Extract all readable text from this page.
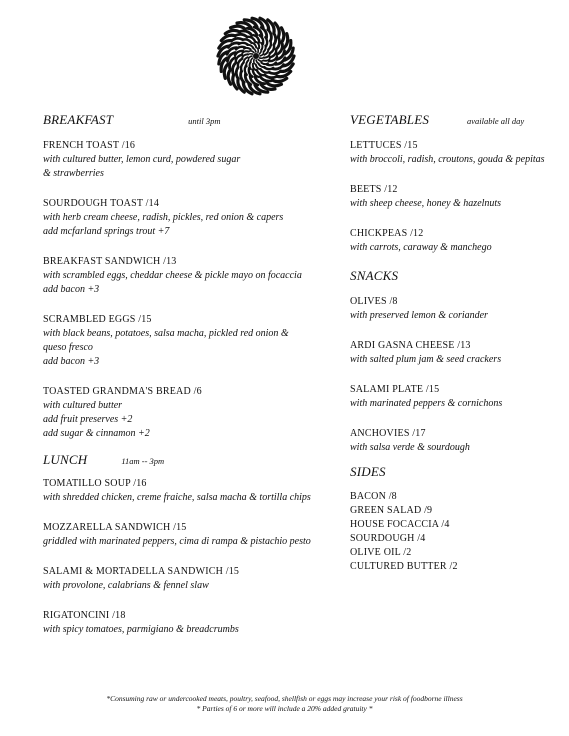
BREAKFAST	until 3pm
FRENCH TOAST /16
with cultured butter, lemon curd, powdered sugar
& strawberries
SOURDOUGH TOAST /14
with herb cream cheese, radish, pickles, red onion & capers
add mcfarland springs trout +7
BREAKFAST SANDWICH /13
with scrambled eggs, cheddar cheese & pickle mayo on focaccia
add bacon +3
SCRAMBLED EGGS /15
with black beans, potatoes, salsa macha, pickled red onion &
queso fresco
add bacon +3
TOASTED GRANDMA'S BREAD /6
with cultured butter
add fruit preserves +2
add sugar & cinnamon +2
LUNCH	11am -- 3pm
TOMATILLO SOUP /16
with shredded chicken, creme fraiche, salsa macha & tortilla chips
MOZZARELLA SANDWICH /15
griddled with marinated peppers, cima di rampa & pistachio pesto
SALAMI & MORTADELLA SANDWICH /15
with provolone, calabrians & fennel slaw
RIGATONCINI /18
with spicy tomatoes, parmigiano & breadcrumbs
VEGETABLES	available all day
LETTUCES /15
with broccoli, radish, croutons, gouda & pepitas
BEETS /12
with sheep cheese, honey & hazelnuts
CHICKPEAS /12
with carrots, caraway & manchego
SNACKS
OLIVES /8
with preserved lemon & coriander
ARDI GASNA CHEESE /13
with salted plum jam & seed crackers
SALAMI PLATE /15
with marinated peppers & cornichons
ANCHOVIES /17
with salsa verde & sourdough
SIDES
BACON /8
GREEN SALAD /9
HOUSE FOCACCIA /4
SOURDOUGH /4
OLIVE OIL /2
CULTURED BUTTER /2
*Consuming raw or undercooked meats, poultry, seafood, shellfish or eggs may increase your risk of foodborne illness
* Parties of 6 or more will include a 20% added gratuity *
